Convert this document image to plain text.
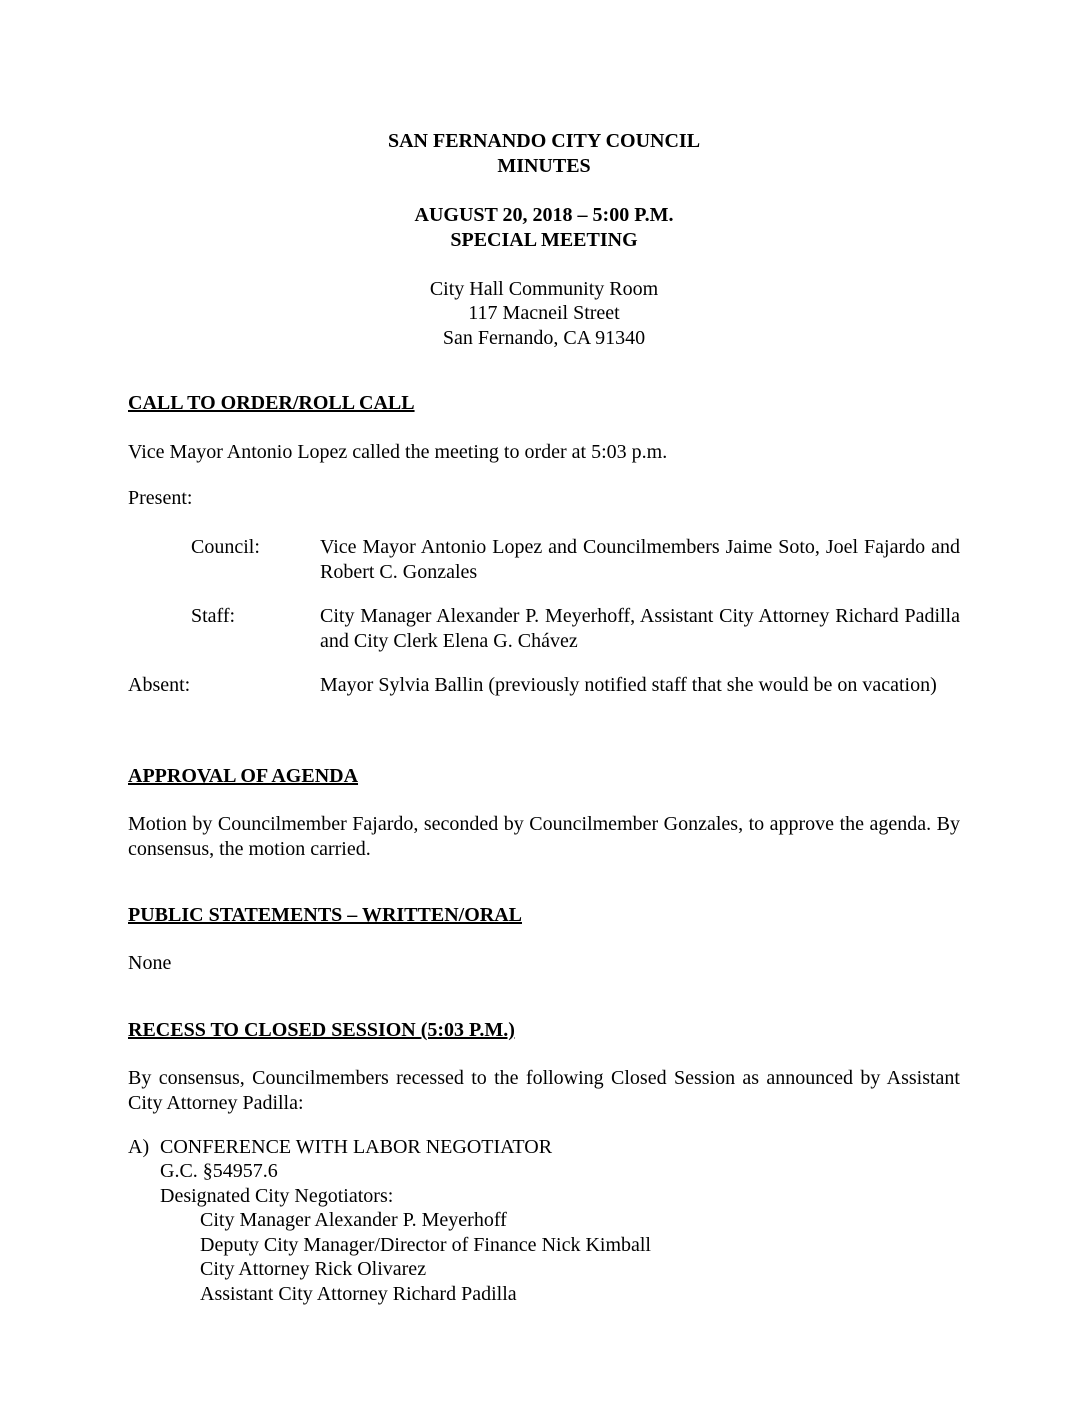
SAN FERNANDO CITY COUNCIL
MINUTES
AUGUST 20, 2018 – 5:00 P.M.
SPECIAL MEETING
City Hall Community Room
117 Macneil Street
San Fernando, CA 91340
CALL TO ORDER/ROLL CALL
Vice Mayor Antonio Lopez called the meeting to order at 5:03 p.m.
Present:
Council:	Vice Mayor Antonio Lopez and Councilmembers Jaime Soto, Joel Fajardo and Robert C. Gonzales
Staff:	City Manager Alexander P. Meyerhoff, Assistant City Attorney Richard Padilla and City Clerk Elena G. Chávez
Absent:	Mayor Sylvia Ballin (previously notified staff that she would be on vacation)
APPROVAL OF AGENDA
Motion by Councilmember Fajardo, seconded by Councilmember Gonzales, to approve the agenda. By consensus, the motion carried.
PUBLIC STATEMENTS – WRITTEN/ORAL
None
RECESS TO CLOSED SESSION (5:03 P.M.)
By consensus, Councilmembers recessed to the following Closed Session as announced by Assistant City Attorney Padilla:
A) CONFERENCE WITH LABOR NEGOTIATOR
G.C. §54957.6
Designated City Negotiators:
City Manager Alexander P. Meyerhoff
Deputy City Manager/Director of Finance Nick Kimball
City Attorney Rick Olivarez
Assistant City Attorney Richard Padilla
